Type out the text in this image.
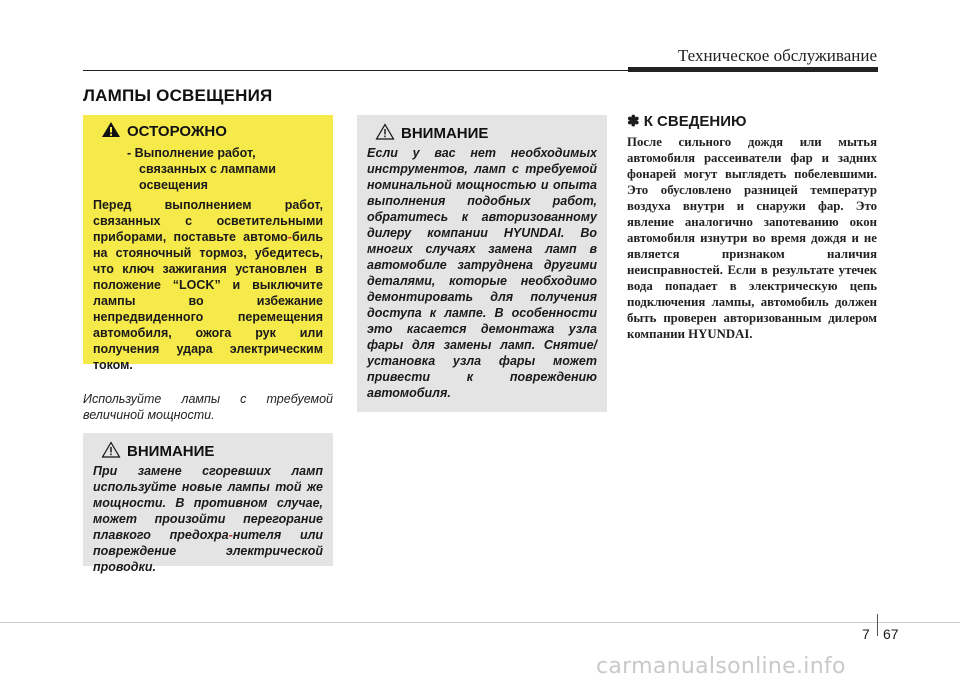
Техническое обслуживание
ЛАМПЫ ОСВЕЩЕНИЯ
ОСТОРОЖНО
- Выполнение работ, связанных с лампами освещения
Перед выполнением работ, связанных с осветительными приборами, поставьте автомо-биль на стояночный тормоз, убедитесь, что ключ зажигания установлен в положение “LOCK” и выключите лампы во избежание непредвиденного перемещения автомобиля, ожога рук или получения удара электрическим током.
Используйте лампы с требуемой величиной мощности.
ВНИМАНИЕ
При замене сгоревших ламп используйте новые лампы той же мощности. В противном случае, может произойти перегорание плавкого предохра-нителя или повреждение электрической проводки.
ВНИМАНИЕ
Если у вас нет необходимых инструментов, ламп с требуемой номинальной мощностью и опыта выполнения подобных работ, обратитесь к авторизованному дилеру компании HYUNDAI. Во многих случаях замена ламп в автомобиле затруднена другими деталями, которые необходимо демонтировать для получения доступа к лампе. В особенности это касается демонтажа узла фары для замены ламп. Снятие/установка узла фары может привести к повреждению автомобиля.
✽ К СВЕДЕНИЮ
После сильного дождя или мытья автомобиля рассеиватели фар и задних фонарей могут выглядеть побелевшими. Это обусловлено разницей температур воздуха внутри и снаружи фар. Это явление аналогично запотеванию окон автомобиля изнутри во время дождя и не является признаком наличия неисправностей. Если в результате утечек вода попадает в электрическую цепь подключения лампы, автомобиль должен быть проверен авторизованным дилером компании HYUNDAI.
7 67
carmanualsonline.info
